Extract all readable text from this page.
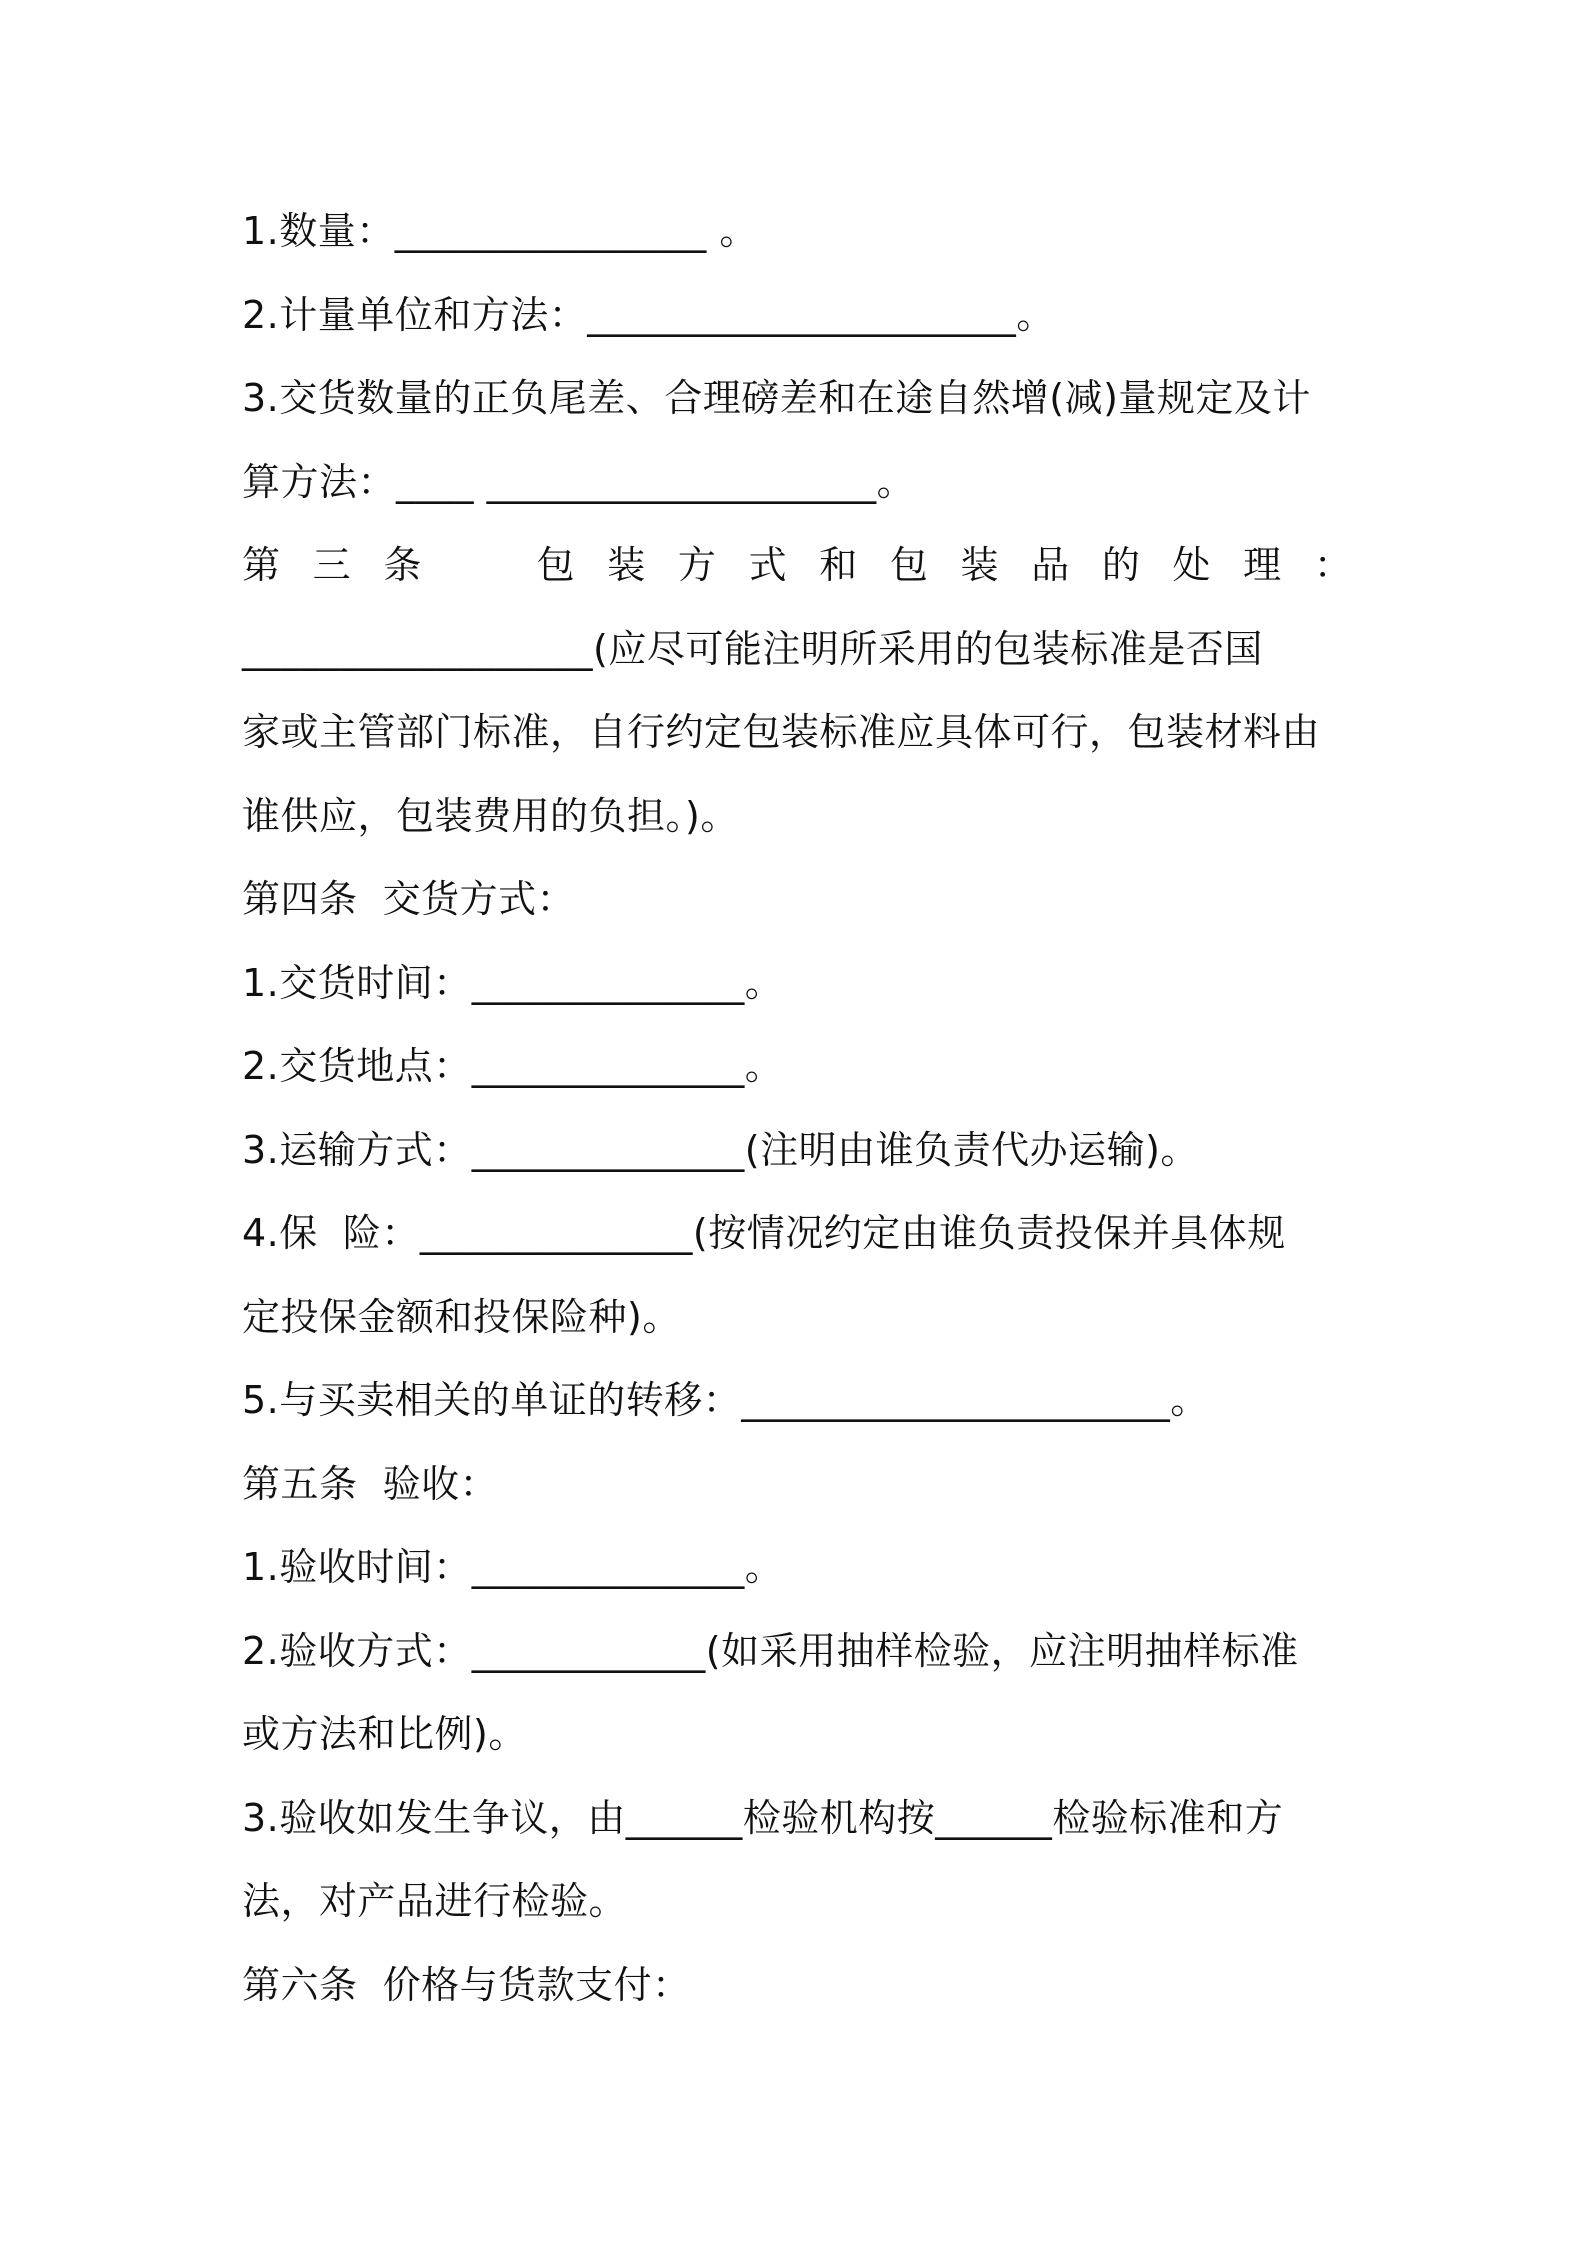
1.数量：________________ 。
2.计量单位和方法：______________________。
3.交货数量的正负尾差、合理磅差和在途自然增(减)量规定及计
算方法：____ ____________________。
第 三 条	包 装 方 式 和 包 装 品 的 处 理 ：
__________________(应尽可能注明所采用的包装标准是否国
家或主管部门标准，自行约定包装标准应具体可行，包装材料由
谁供应，包装费用的负担。)。
第四条  交货方式：
1.交货时间：______________。
2.交货地点：______________。
3.运输方式：______________(注明由谁负责代办运输)。
4.保  险：______________(按情况约定由谁负责投保并具体规
定投保金额和投保险种)。
5.与买卖相关的单证的转移：______________________。
第五条  验收：
1.验收时间：______________。
2.验收方式：____________(如采用抽样检验，应注明抽样标准
或方法和比例)。
3.验收如发生争议，由______检验机构按______检验标准和方
法，对产品进行检验。
第六条  价格与货款支付：
